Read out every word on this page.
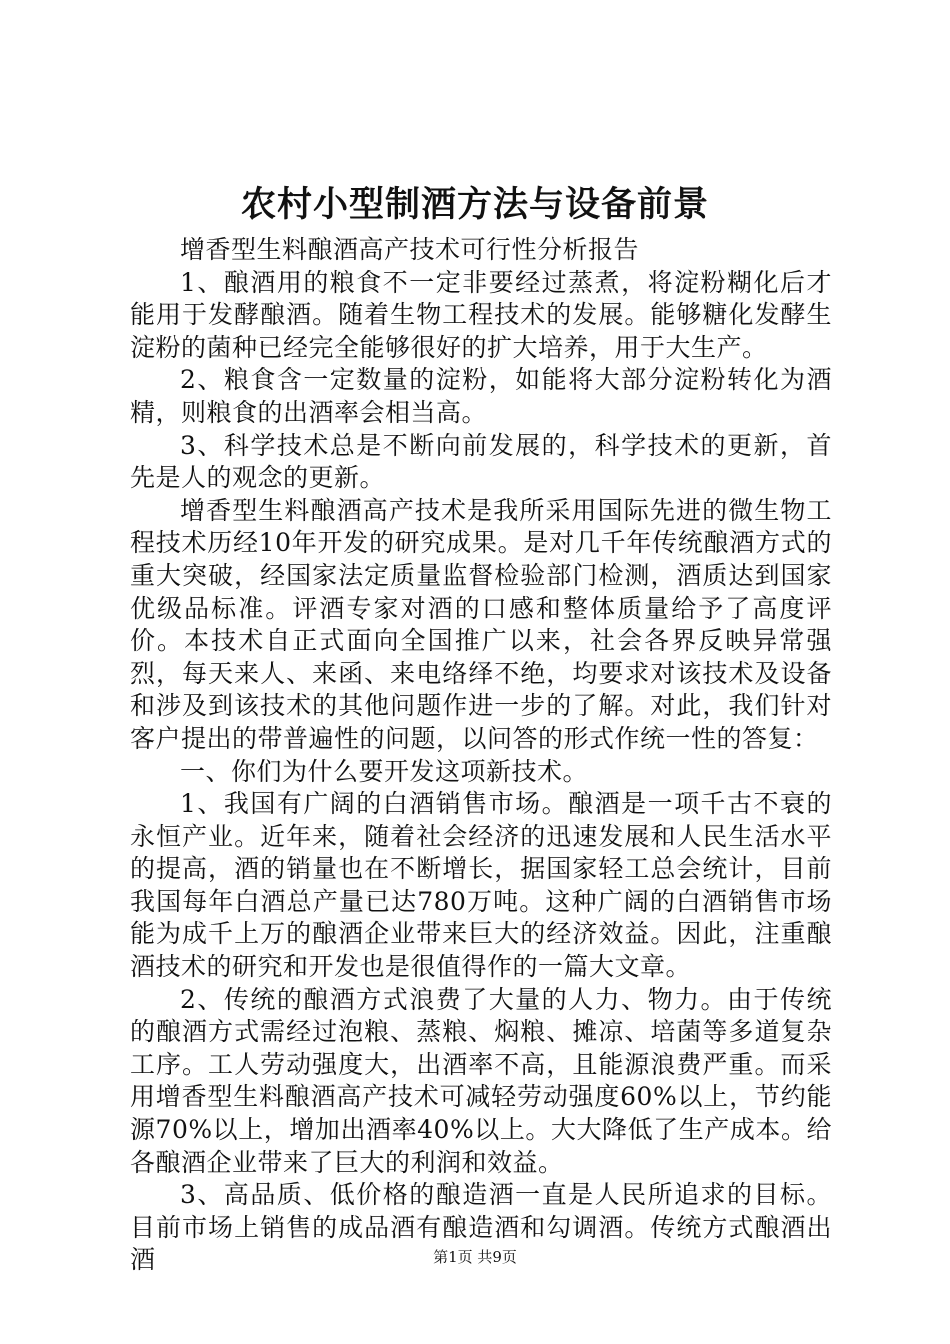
农村小型制酒方法与设备前景

增香型生料酿酒高产技术可行性分析报告

1、酿酒用的粮食不一定非要经过蒸煮，将淀粉糊化后才能用于发酵酿酒。随着生物工程技术的发展。能够糖化发酵生淀粉的菌种已经完全能够很好的扩大培养，用于大生产。

2、粮食含一定数量的淀粉，如能将大部分淀粉转化为酒精，则粮食的出酒率会相当高。

3、科学技术总是不断向前发展的，科学技术的更新，首先是人的观念的更新。

增香型生料酿酒高产技术是我所采用国际先进的微生物工程技术历经10年开发的研究成果。是对几千年传统酿酒方式的重大突破，经国家法定质量监督检验部门检测，酒质达到国家优级品标准。评酒专家对酒的口感和整体质量给予了高度评价。本技术自正式面向全国推广以来，社会各界反映异常强烈，每天来人、来函、来电络绎不绝，均要求对该技术及设备和涉及到该技术的其他问题作进一步的了解。对此，我们针对客户提出的带普遍性的问题，以问答的形式作统一性的答复：

一、你们为什么要开发这项新技术。

1、我国有广阔的白酒销售市场。酿酒是一项千古不衰的永恒产业。近年来，随着社会经济的迅速发展和人民生活水平的提高，酒的销量也在不断增长，据国家轻工总会统计，目前我国每年白酒总产量已达780万吨。这种广阔的白酒销售市场能为成千上万的酿酒企业带来巨大的经济效益。因此，注重酿酒技术的研究和开发也是很值得作的一篇大文章。

2、传统的酿酒方式浪费了大量的人力、物力。由于传统的酿酒方式需经过泡粮、蒸粮、焖粮、摊凉、培菌等多道复杂工序。工人劳动强度大，出酒率不高，且能源浪费严重。而采用增香型生料酿酒高产技术可减轻劳动强度60%以上，节约能源70%以上，增加出酒率40%以上。大大降低了生产成本。给各酿酒企业带来了巨大的利润和效益。

3、高品质、低价格的酿造酒一直是人民所追求的目标。目前市场上销售的成品酒有酿造酒和勾调酒。传统方式酿酒出酒	第1页 共9页
